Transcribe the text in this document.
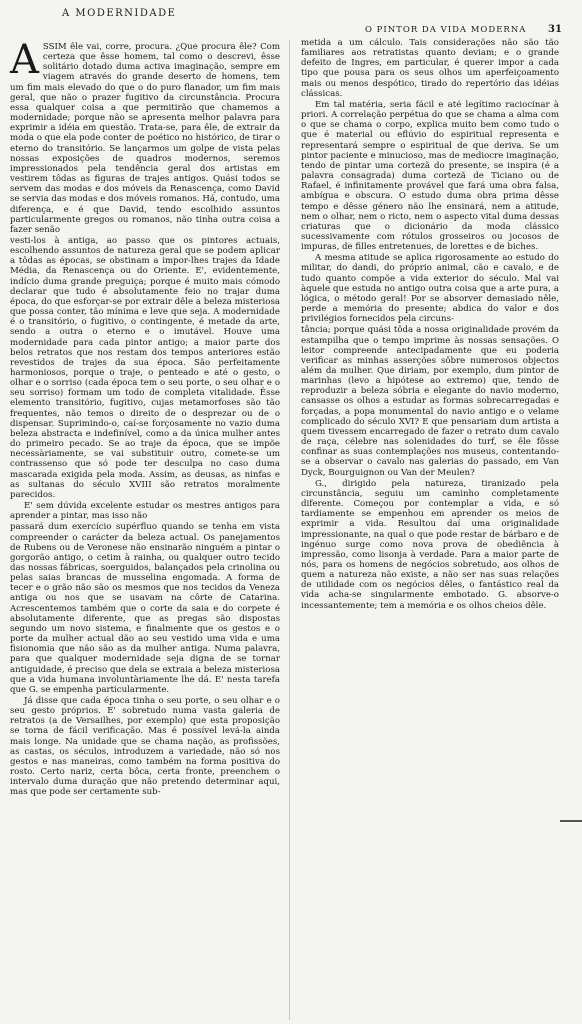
A MODERNIDADE
O PINTOR DA VIDA MODERNA 31

ASSIM êle vai, corre, procura. ¿Que procura êle? Com certeza que êsse homem, tal como o descrevi, êsse solitário dotado duma activa imaginação, sempre em viagem através do grande deserto de homens, tem um fim mais elevado do que o do puro flanador, um fim mais geral, que não o prazer fugitivo da circunstância. Procura essa qualquer coisa a que permitirão que chamemos a modernidade; porque não se apresenta melhor palavra para exprimir a idéia em questão. Trata-se, para êle, de extrair da moda o que ela pode conter de poético no histórico, de tirar o eterno do transitório. Se lançarmos um golpe de vista pelas nossas exposições de quadros modernos, seremos impressionados pela tendência geral dos artistas em vestirem tôdas as figuras de trajes antigos. Quási todos se servem das modas e dos móveis da Renascença, como David se servia das modas e dos móveis romanos. Há, contudo, uma diferença, e é que David, tendo escolhido assuntos particularmente gregos ou romanos, não tinha outra coisa a fazer senão

vesti-los à antiga, ao passo que os pintores actuais, escolhendo assuntos de natureza geral que se podem aplicar a tôdas as épocas, se obstinam a impor-lhes trajes da Idade Média, da Renascença ou do Oriente. E', evidentemente, indício duma grande preguiça; porque é muito mais cómodo declarar que tudo é absolutamente feio no trajar duma época, do que esforçar-se por extrair dêle a beleza misteriosa que possa conter, tão mínima e leve que seja. A modernidade é o transitório, o fugitivo, o contingente, é metade da arte, sendo a outra o eterno e o imutável. Houve uma modernidade para cada pintor antigo; a maior parte dos belos retratos que nos restam dos tempos anteriores estão revestidos de trajes da sua época. São perfeitamente harmoniosos, porque o traje, o penteado e até o gesto, o olhar e o sorriso (cada época tem o seu porte, o seu olhar e o seu sorriso) formam um todo de completa vitalidade. Êsse elemento transitório, fugitivo, cujas metamorfoses são tão frequentes, não temos o direito de o desprezar ou de o dispensar. Suprimindo-o, caí-se forçosamente no vazio duma beleza abstracta e indefinível, como a da única mulher antes do primeiro pecado. Se ao traje da época, que se impõe necessàriamente, se vai substituir outro, comete-se um contrassenso que só pode ter desculpa no caso duma mascarada exigida pela moda. Assim, as deusas, as ninfas e as sultanas do século XVIII são retratos moralmente parecidos.

E' sem dúvida excelente estudar os mestres antigos para aprender a pintar, mas isso não

passará dum exercício supérfluo quando se tenha em vista compreender o carácter da beleza actual. Os panejamentos de Rubens ou de Veronese não ensinarão ninguém a pintar o gorgorão antigo, o cetim à rainha, ou qualquer outro tecido das nossas fábricas, soerguidos, balançados pela crinolina ou pelas saias brancas de musselina engomada. A forma de tecer e o grão não são os mesmos que nos tecidos da Veneza antiga ou nos que se usavam na côrte de Catarina. Acrescentemos também que o corte da saia e do corpete é absolutamente diferente, que as pregas são dispostas segundo um novo sistema, e finalmente que os gestos e o porte da mulher actual dão ao seu vestido uma vida e uma fisionomia que não são as da mulher antiga. Numa palavra, para que qualquer modernidade seja digna de se tornar antiguidade, é preciso que dela se extraia a beleza misteriosa que a vida humana involuntàriamente lhe dá. E' nesta tarefa que G. se empenha particularmente.

Já disse que cada época tinha o seu porte, o seu olhar e o seu gesto próprios. E' sobretudo numa vasta galeria de retratos (a de Versailhes, por exemplo) que esta proposição se torna de fácil verificação. Mas é possível levá-la ainda mais longe. Na unidade que se chama nação, as profissões, as castas, os séculos, introduzem a variedade, não só nos gestos e nas maneiras, como também na forma positiva do rosto. Certo nariz, certa bôca, certa fronte, preenchem o intervalo duma duração que não pretendo determinar aqui, mas que pode ser certamente sub-

metida a um cálculo. Tais considerações não são tão familiares aos retratistas quanto deviam; e o grande defeito de Ingres, em particular, é querer impor a cada tipo que pousa para os seus olhos um aperfeiçoamento mais ou menos despótico, tirado do repertório das idéias clássicas.

Em tal matéria, seria fácil e até legítimo raciocinar à priori. A correlação perpétua do que se chama a alma com o que se chama o corpo, explica muito bem como tudo o que é material ou eflúvio do espiritual representa e representará sempre o espiritual de que deriva. Se um pintor paciente e minucioso, mas de mediocre imaginação, tendo de pintar uma cortezã do presente, se inspira (é a palavra consagrada) duma cortezã de Ticiano ou de Rafael, é infinitamente provável que fará uma obra falsa, ambígua e obscura. O estudo duma obra prima dêsse tempo e dêsse género não lhe ensinará, nem a atitude, nem o olhar, nem o ricto, nem o aspecto vital duma dessas criaturas que o dicionário da moda clássico sucessivamente com rótulos grosseiros ou jocosos de impuras, de filles entretenues, de lorettes e de biches.

A mesma atitude se aplica rigorosamente ao estudo do militar, do dandi, do próprio animal, cão e cavalo, e de tudo quanto compõe a vida exterior do século. Mal vai àquele que estuda no antigo outra coisa que a arte pura, a lógica, o método geral! Por se absorver demasiado nêle, perde a memória do presente; abdica do valor e dos privilégios fornecidos pela circuns-

tância; porque quási tôda a nossa originalidade provém da estampilha que o tempo imprime às nossas sensações. O leitor compreende antecipadamente que eu poderia verificar as minhas asserções sôbre numerosos objectos além da mulher. Que diriam, por exemplo, dum pintor de marinhas (levo a hipótese ao extremo) que, tendo de reproduzir a beleza sóbria e elegante do navio moderno, cansasse os olhos a estudar as formas sobrecarregadas e forçadas, a popa monumental do navio antigo e o velame complicado do século XVI? E que pensariam dum artista a quem tivessem encarregado de fazer o retrato dum cavalo de raça, célebre nas solenidades do turf, se êle fôsse confinar as suas contemplações nos museus, contentando-se a observar o cavalo nas galerias do passado, em Van Dyck, Bourguignon ou Van der Meulen?

G., dirigido pela natureza, tiranizado pela circunstância, seguiu um caminho completamente diferente. Começou por contemplar a vida, e só tardiamente se empenhou em aprender os meios de exprimir a vida. Resultou daí uma originalidade impressionante, na qual o que pode restar de bárbaro e de ingénuo surge como nova prova de obediência à impressão, como lisonja à verdade. Para a maior parte de nós, para os homens de negócios sobretudo, aos olhos de quem a natureza não existe, a não ser nas suas relações de utilidade com os negócios dêles, o fantástico real da vida acha-se singularmente embotado. G. absorve-o incessantemente; tem a memória e os olhos cheios dêle.
